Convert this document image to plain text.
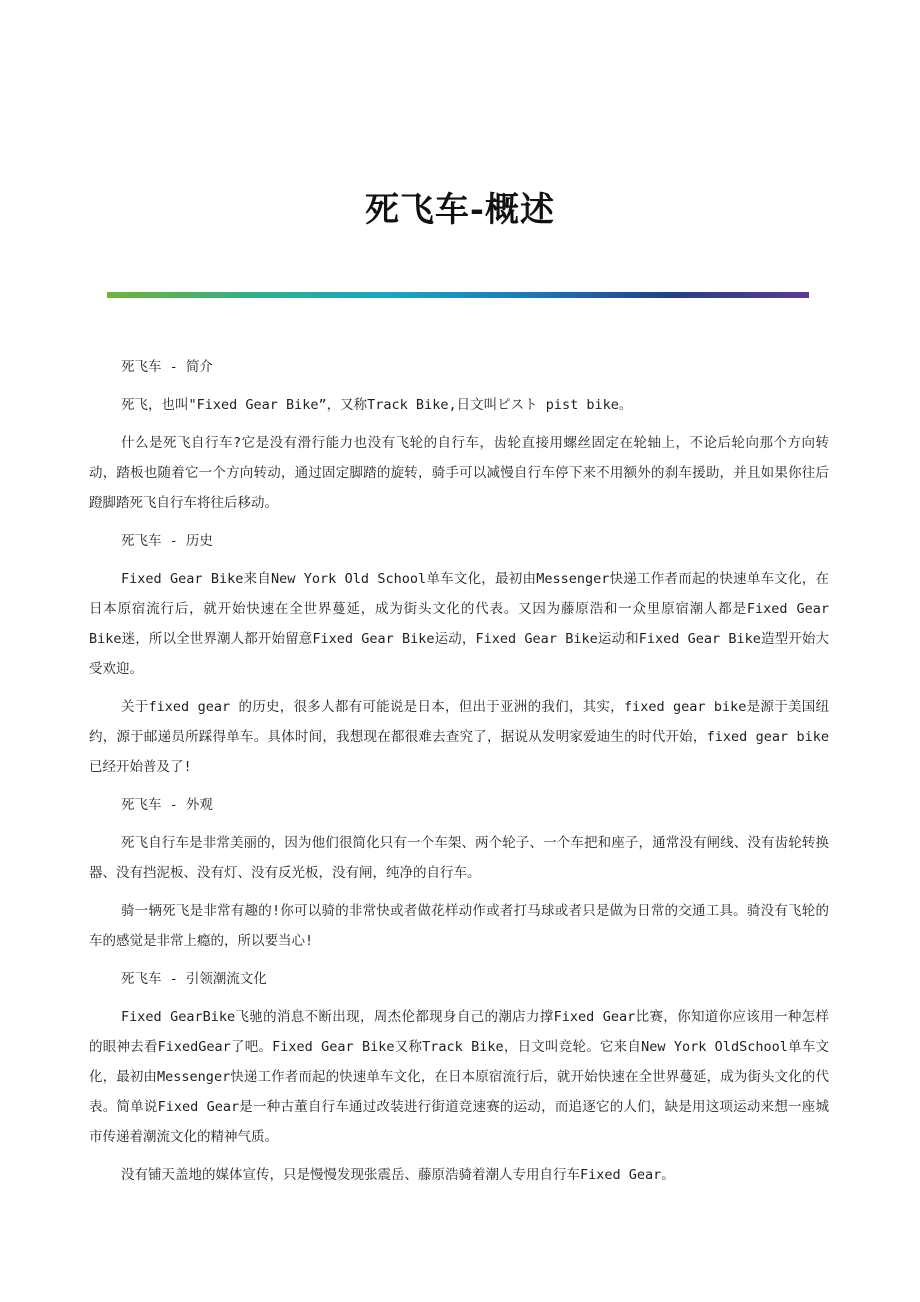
死飞车-概述

死飞车 - 简介

死飞，也叫"Fixed Gear Bike”，又称Track Bike,日文叫ピスト pist bike。

什么是死飞自行车?它是没有滑行能力也没有飞轮的自行车，齿轮直接用螺丝固定在轮轴上，不论后轮向那个方向转动，踏板也随着它一个方向转动，通过固定脚踏的旋转，骑手可以减慢自行车停下来不用额外的刹车援助，并且如果你往后蹬脚踏死飞自行车将往后移动。

死飞车 - 历史

Fixed Gear Bike来自New York Old School单车文化，最初由Messenger快递工作者而起的快速单车文化，在日本原宿流行后，就开始快速在全世界蔓延，成为街头文化的代表。又因为藤原浩和一众里原宿潮人都是Fixed Gear Bike迷，所以全世界潮人都开始留意Fixed Gear Bike运动，Fixed Gear Bike运动和Fixed Gear Bike造型开始大受欢迎。

关于fixed gear 的历史，很多人都有可能说是日本，但出于亚洲的我们，其实，fixed gear bike是源于美国纽约，源于邮递员所踩得单车。具体时间，我想现在都很难去查究了，据说从发明家爱迪生的时代开始，fixed gear bike已经开始普及了!

死飞车 - 外观

死飞自行车是非常美丽的，因为他们很简化只有一个车架、两个轮子、一个车把和座子，通常没有闸线、没有齿轮转换器、没有挡泥板、没有灯、没有反光板，没有闸，纯净的自行车。

骑一辆死飞是非常有趣的!你可以骑的非常快或者做花样动作或者打马球或者只是做为日常的交通工具。骑没有飞轮的车的感觉是非常上瘾的，所以要当心!

死飞车 - 引领潮流文化

Fixed GearBike飞驰的消息不断出现，周杰伦都现身自己的潮店力撑Fixed Gear比赛，你知道你应该用一种怎样的眼神去看FixedGear了吧。Fixed Gear Bike又称Track Bike，日文叫竞轮。它来自New York OldSchool单车文化，最初由Messenger快递工作者而起的快速单车文化，在日本原宿流行后，就开始快速在全世界蔓延，成为街头文化的代表。简单说Fixed Gear是一种古董自行车通过改装进行街道竞速赛的运动，而追逐它的人们，缺是用这项运动来想一座城市传递着潮流文化的精神气质。

没有铺天盖地的媒体宣传，只是慢慢发现张震岳、藤原浩骑着潮人专用自行车Fixed Gear。
